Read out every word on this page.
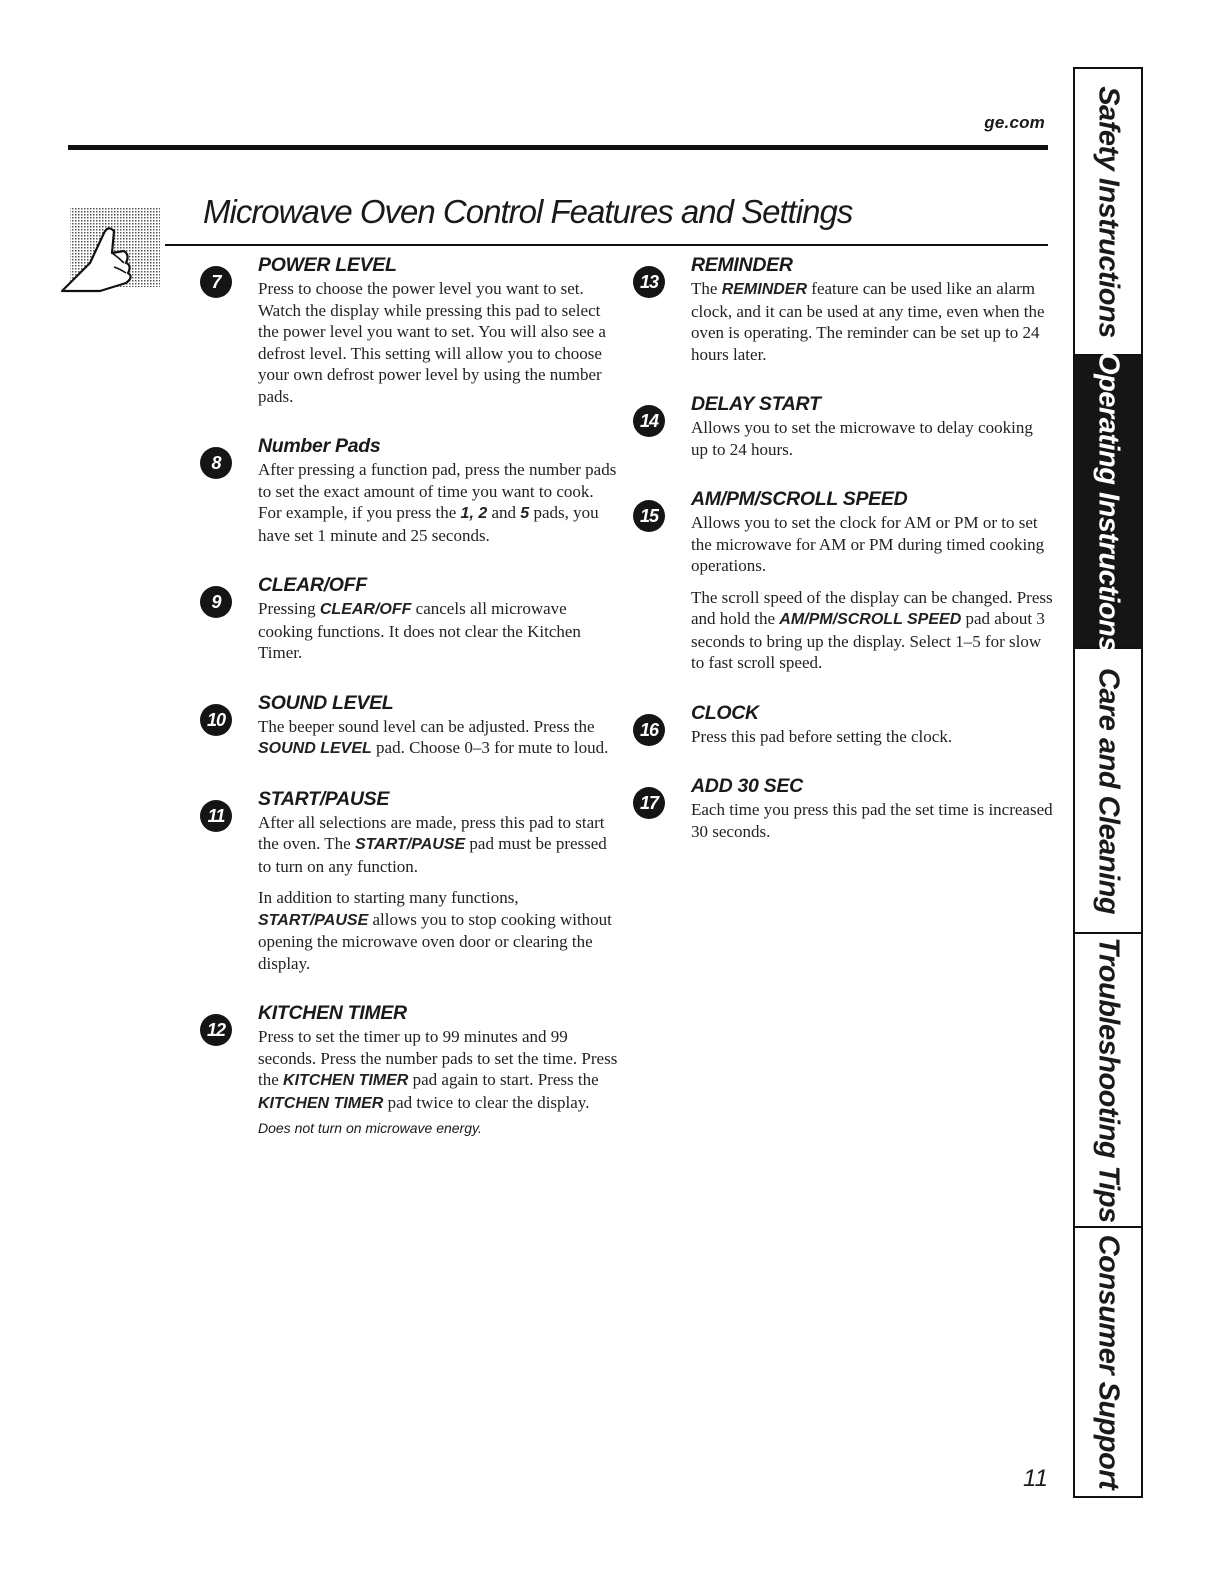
ge.com
Microwave Oven Control Features and Settings
7
POWER LEVEL

Press to choose the power level you want to set. Watch the display while pressing this pad to select the power level you want to set. You will also see a defrost level. This setting will allow you to choose your own defrost power level by using the number pads.

8
Number Pads

After pressing a function pad, press the number pads to set the exact amount of time you want to cook. For example, if you press the 1, 2 and 5 pads, you have set 1 minute and 25 seconds.

9
CLEAR/OFF

Pressing CLEAR/OFF cancels all microwave cooking functions. It does not clear the Kitchen Timer.

10
SOUND LEVEL

The beeper sound level can be adjusted. Press the SOUND LEVEL pad. Choose 0–3 for mute to loud.

11
START/PAUSE

After all selections are made, press this pad to start the oven. The START/PAUSE pad must be pressed to turn on any function.

In addition to starting many functions, START/PAUSE allows you to stop cooking without opening the microwave oven door or clearing the display.

12
KITCHEN TIMER

Press to set the timer up to 99 minutes and 99 seconds. Press the number pads to set the time. Press the KITCHEN TIMER pad again to start. Press the KITCHEN TIMER pad twice to clear the display.

Does not turn on microwave energy.

13
REMINDER

The REMINDER feature can be used like an alarm clock, and it can be used at any time, even when the oven is operating. The reminder can be set up to 24 hours later.

14
DELAY START

Allows you to set the microwave to delay cooking up to 24 hours.

15
AM/PM/SCROLL SPEED

Allows you to set the clock for AM or PM or to set the microwave for AM or PM during timed cooking operations.

The scroll speed of the display can be changed. Press and hold the AM/PM/SCROLL SPEED pad about 3 seconds to bring up the display. Select 1–5 for slow to fast scroll speed.

16
CLOCK

Press this pad before setting the clock.

17
ADD 30 SEC

Each time you press this pad the set time is increased 30 seconds.

Safety Instructions
Operating Instructions
Care and Cleaning
Troubleshooting Tips
Consumer Support
11
